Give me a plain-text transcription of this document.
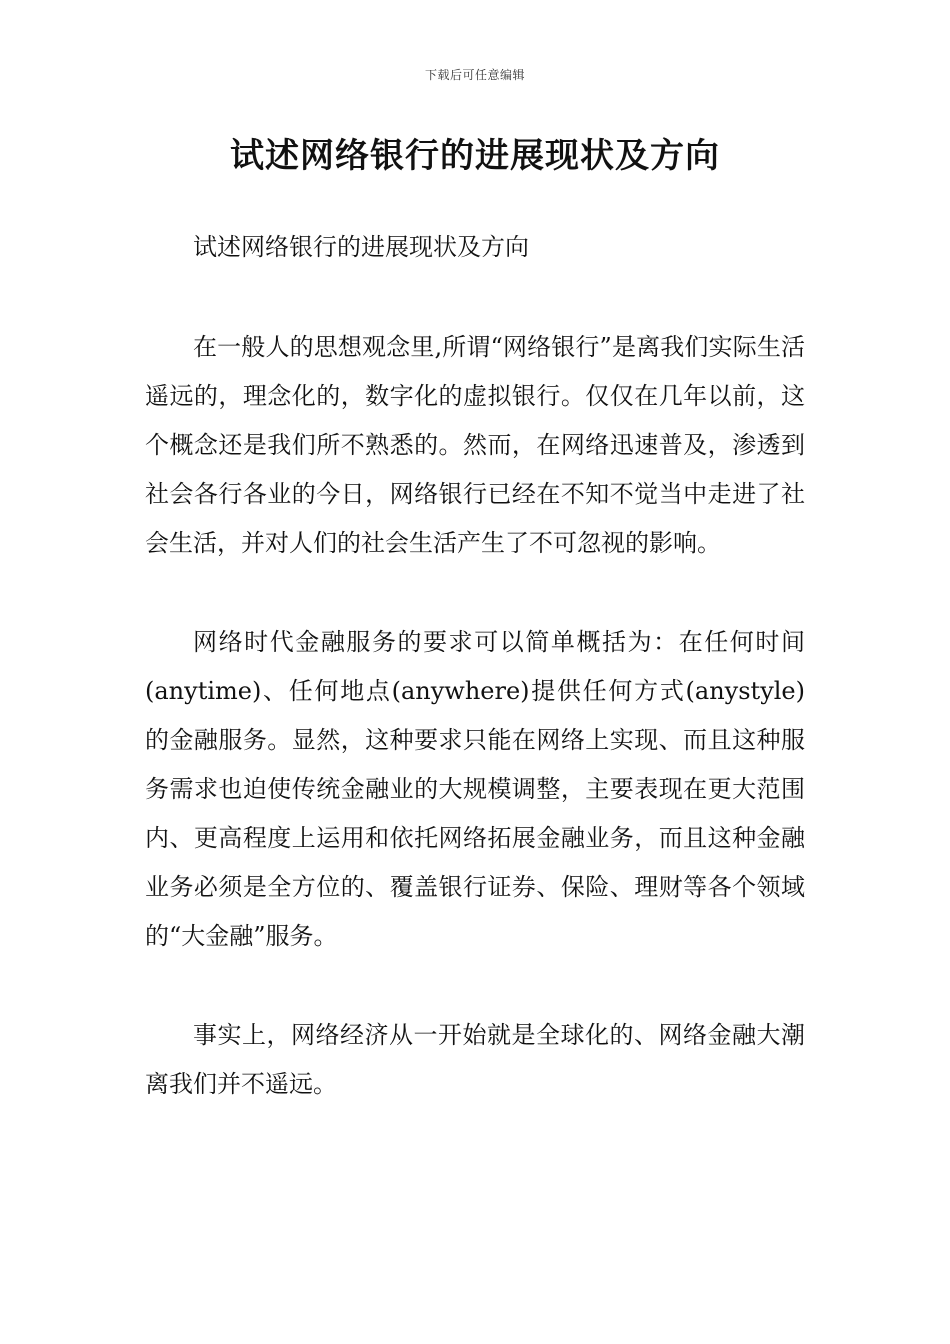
下载后可任意编辑
试述网络银行的进展现状及方向

试述网络银行的进展现状及方向

在一般人的思想观念里,所谓“网络银行”是离我们实际生活遥远的，理念化的，数字化的虚拟银行。仅仅在几年以前，这个概念还是我们所不熟悉的。然而，在网络迅速普及，渗透到社会各行各业的今日，网络银行已经在不知不觉当中走进了社会生活，并对人们的社会生活产生了不可忽视的影响。

网络时代金融服务的要求可以简单概括为：在任何时间(anytime)、任何地点(anywhere)提供任何方式(anystyle)的金融服务。显然，这种要求只能在网络上实现、而且这种服务需求也迫使传统金融业的大规模调整，主要表现在更大范围内、更高程度上运用和依托网络拓展金融业务，而且这种金融业务必须是全方位的、覆盖银行证券、保险、理财等各个领域的“大金融”服务。

事实上，网络经济从一开始就是全球化的、网络金融大潮离我们并不遥远。
